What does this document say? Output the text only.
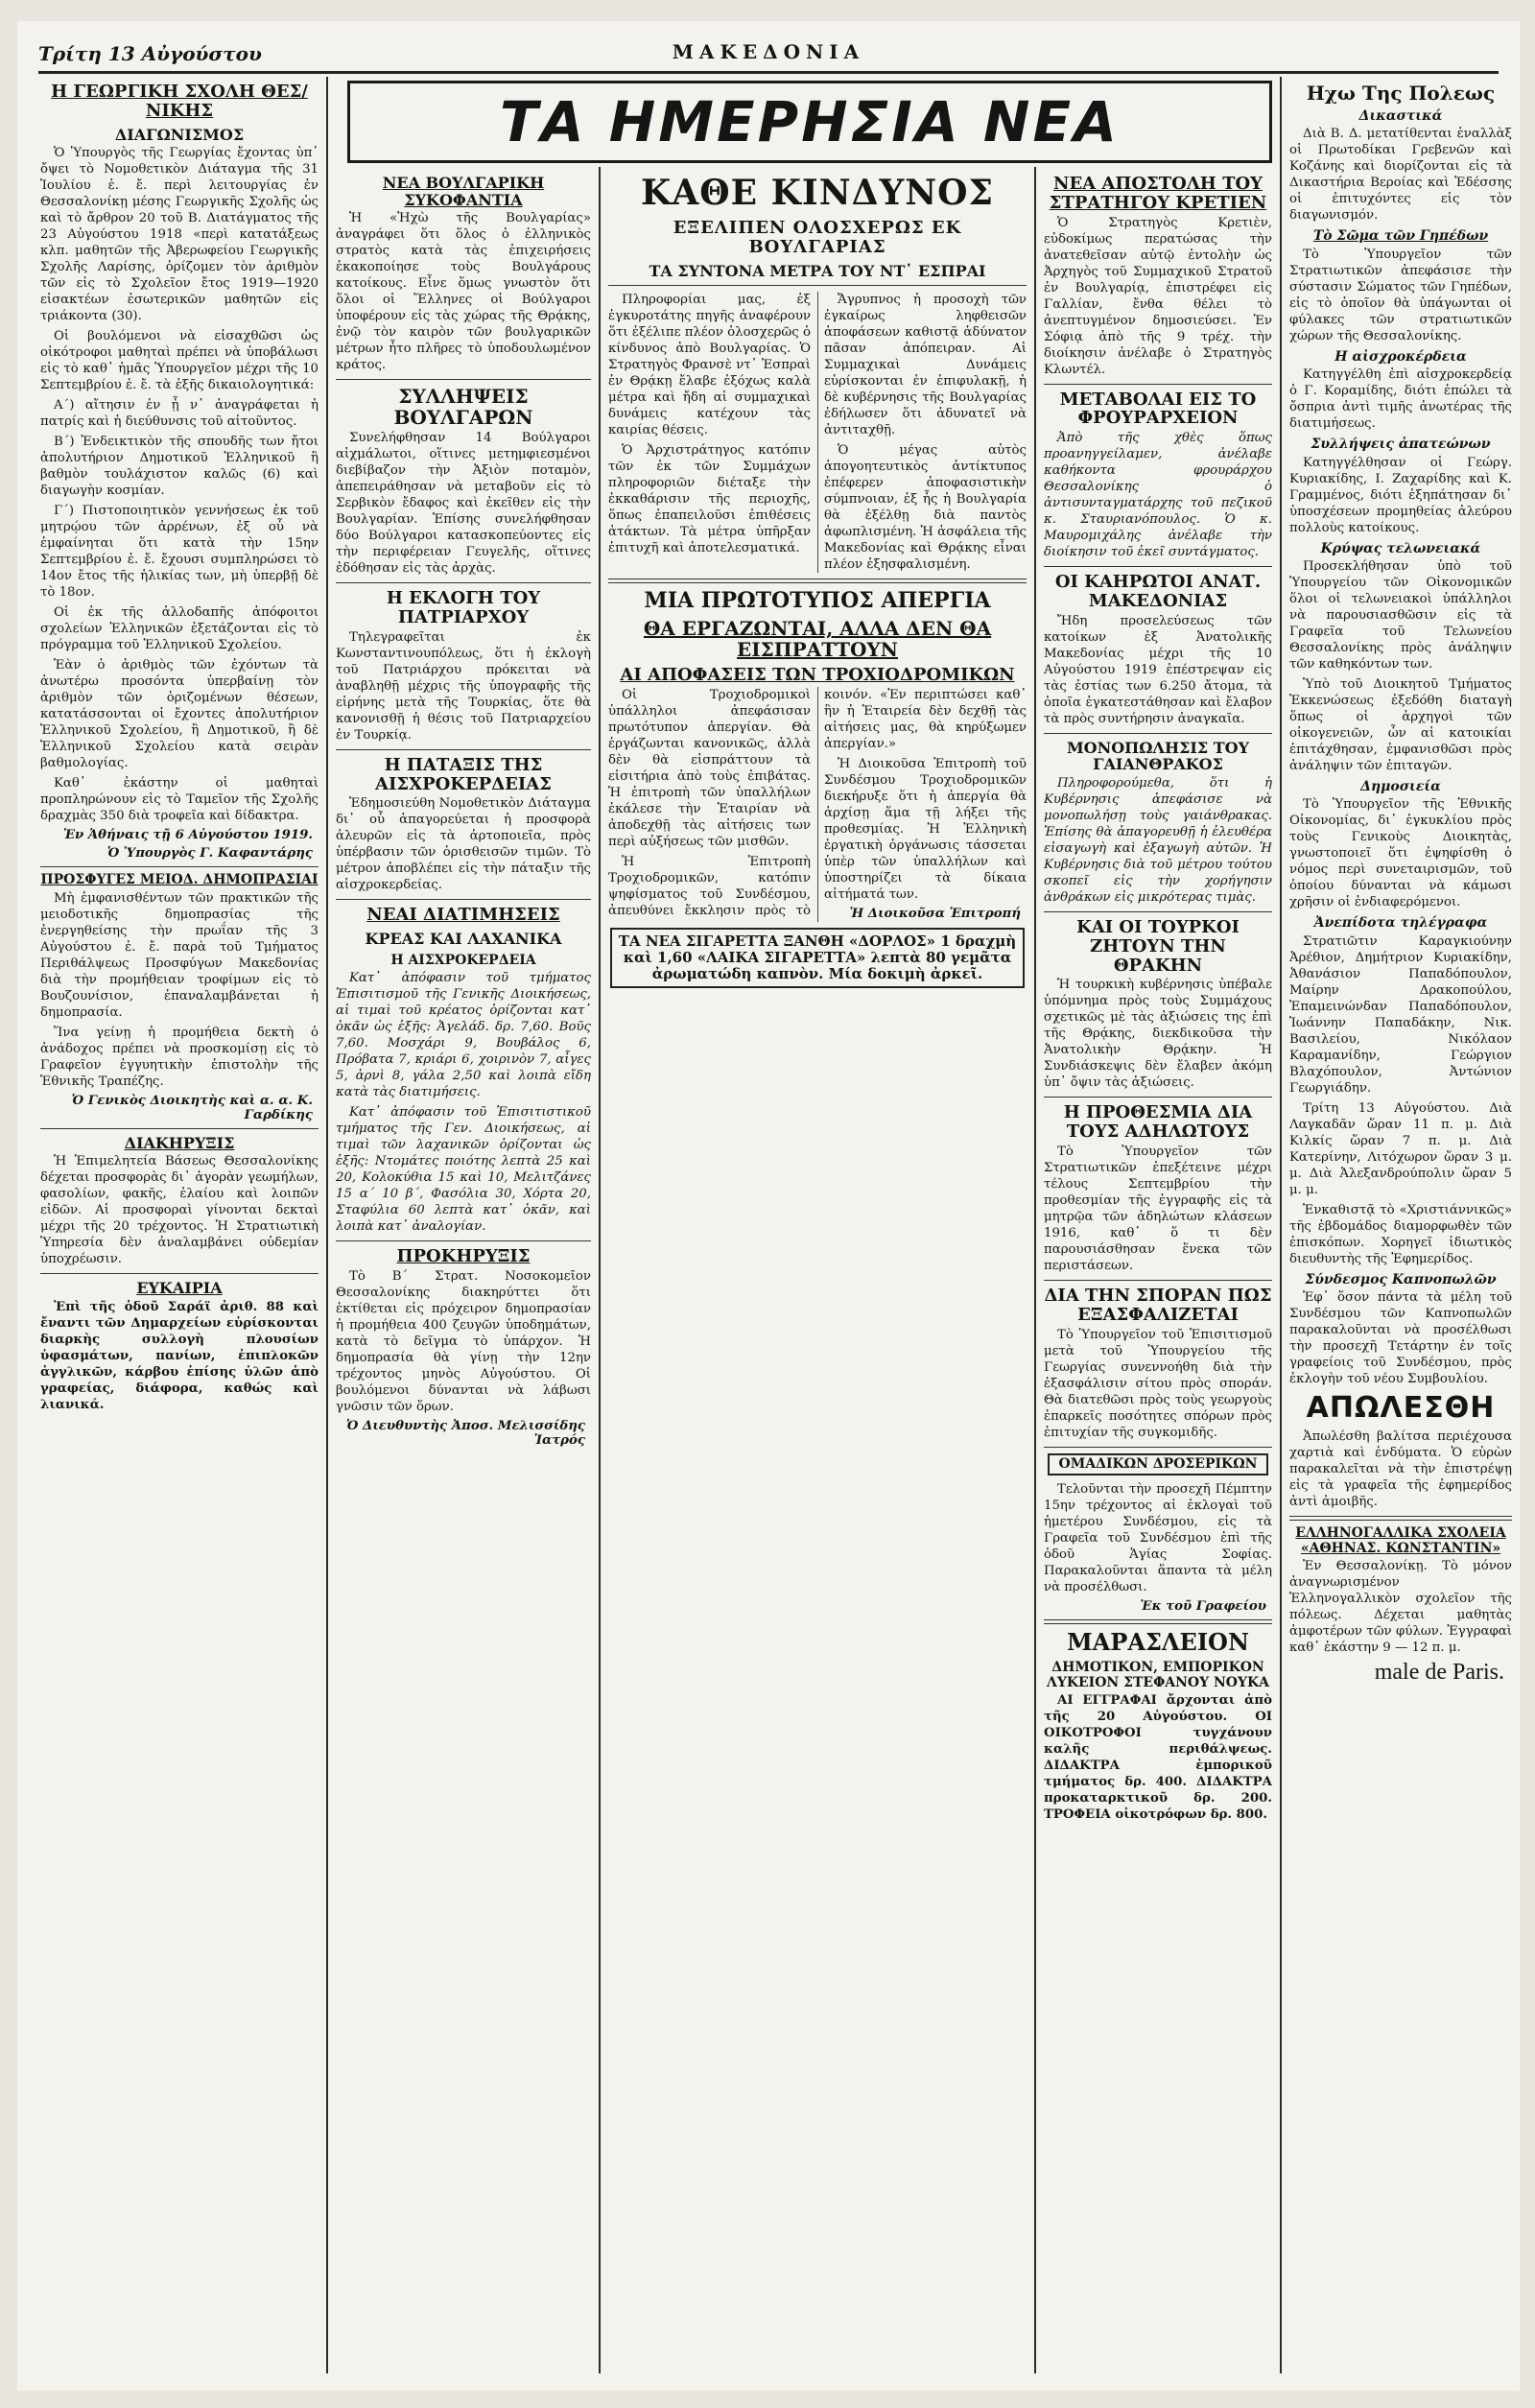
Τρίτη 13 Αὐγούστου	ΜΑΚΕΔΟΝΙΑ
ΤΑ ΗΜΕΡΗΣΙΑ ΝΕΑ
Η ΓΕΩΡΓΙΚΗ ΣΧΟΛΗ ΘΕΣ/ΝΙΚΗΣ
ΔΙΑΓΩΝΙΣΜΟΣ

Ὁ Ὑπουργὸς τῆς Γεωργίας ἔχοντας ὑπ᾽ ὄψει τὸ Νομοθετικὸν Διάταγμα τῆς 31 Ἰουλίου ἐ. ἔ. περὶ λειτουργίας ἐν Θεσσαλονίκῃ μέσης Γεωργικῆς Σχολῆς ὡς καὶ τὸ ἄρθρον 20 τοῦ Β. Διατάγματος τῆς 23 Αὐγούστου 1918 «περὶ κατατάξεως κλπ. μαθητῶν τῆς Ἀβερωφείου Γεωργικῆς Σχολῆς Λαρίσης, ὁρίζομεν τὸν ἀριθμὸν τῶν εἰς τὸ Σχολεῖον ἔτος 1919—1920 εἰσακτέων ἐσωτερικῶν μαθητῶν εἰς τριάκοντα (30).

Οἱ βουλόμενοι νὰ εἰσαχθῶσι ὡς οἰκότροφοι μαθηταὶ πρέπει νὰ ὑποβάλωσι εἰς τὸ καθ᾽ ἡμᾶς Ὑπουργεῖον μέχρι τῆς 10 Σεπτεμβρίου ἐ. ἔ. τὰ ἑξῆς δικαιολογητικά:

Α΄) αἴτησιν ἐν ᾗ ν᾽ ἀναγράφεται ἡ πατρίς καὶ ἡ διεύθυνσις τοῦ αἰτοῦντος.

Β΄) Ἐνδεικτικὸν τῆς σπουδῆς των ἤτοι ἀπολυτήριον Δημοτικοῦ Ἑλληνικοῦ ἢ βαθμὸν τουλάχιστον καλῶς (6) καὶ διαγωγὴν κοσμίαν.

Γ΄) Πιστοποιητικὸν γεννήσεως ἐκ τοῦ μητρῴου τῶν ἀρρένων, ἐξ οὗ νὰ ἐμφαίνηται ὅτι κατὰ τὴν 15ην Σεπτεμβρίου ἐ. ἔ. ἔχουσι συμπληρώσει τὸ 14ον ἔτος τῆς ἡλικίας των, μὴ ὑπερβῇ δὲ τὸ 18ον.

Οἱ ἐκ τῆς ἀλλοδαπῆς ἀπόφοιτοι σχολείων Ἑλληνικῶν ἐξετάζονται εἰς τὸ πρόγραμμα τοῦ Ἑλληνικοῦ Σχολείου.

Ἐὰν ὁ ἀριθμὸς τῶν ἐχόντων τὰ ἀνωτέρω προσόντα ὑπερβαίνῃ τὸν ἀριθμὸν τῶν ὁριζομένων θέσεων, κατατάσσονται οἱ ἔχοντες ἀπολυτήριον Ἑλληνικοῦ Σχολείου, ἢ Δημοτικοῦ, ἢ δὲ Ἑλληνικοῦ Σχολείου κατὰ σειρὰν βαθμολογίας.

Καθ᾽ ἑκάστην οἱ μαθηταὶ προπληρώνουν εἰς τὸ Ταμεῖον τῆς Σχολῆς δραχμὰς 350 διὰ τροφεῖα καὶ δίδακτρα.

Ἐν Ἀθήναις τῇ 6 Αὐγούστου 1919.
Ὁ Ὑπουργὸς Γ. Καφαντάρης
ΠΡΟΣΦΥΓΕΣ ΜΕΙΟΔ. ΔΗΜΟΠΡΑΣΙΑΙ

Μὴ ἐμφανισθέντων τῶν πρακτικῶν τῆς μειοδοτικῆς δημοπρασίας τῆς ἐνεργηθείσης τὴν πρωΐαν τῆς 3 Αὐγούστου ἐ. ἔ. παρὰ τοῦ Τμήματος Περιθάλψεως Προσφύγων Μακεδονίας διὰ τὴν προμήθειαν τροφίμων εἰς τὸ Βουζουνίσιον, ἐπαναλαμβάνεται ἡ δημοπρασία.

Ἵνα γείνῃ ἡ προμήθεια δεκτὴ ὁ ἀνάδοχος πρέπει νὰ προσκομίσῃ εἰς τὸ Γραφεῖον ἐγγυητικὴν ἐπιστολὴν τῆς Ἐθνικῆς Τραπέζης.

Ὁ Γενικὸς Διοικητὴς καὶ α. α. Κ. Γαρδίκης
ΔΙΑΚΗΡΥΞΙΣ

Ἡ Ἐπιμελητεία Βάσεως Θεσσαλονίκης δέχεται προσφορὰς δι᾽ ἀγορὰν γεωμήλων, φασολίων, φακῆς, ἐλαίου καὶ λοιπῶν εἰδῶν. Αἱ προσφοραὶ γίνονται δεκταὶ μέχρι τῆς 20 τρέχοντος. Ἡ Στρατιωτικὴ Ὑπηρεσία δὲν ἀναλαμβάνει οὐδεμίαν ὑποχρέωσιν.

ΕΥΚΑΙΡΙΑ

Ἐπὶ τῆς ὁδοῦ Σαράϊ ἀριθ. 88 καὶ ἔναντι τῶν Δημαρχείων εὑρίσκονται διαρκὴς συλλογὴ πλουσίων ὑφασμάτων, πανίων, ἐπιπλοκῶν ἀγγλικῶν, κάρβου ἐπίσης ὑλῶν ἀπὸ γραφείας, διάφορα, καθώς καὶ λιανικά.

ΝΕΑ ΒΟΥΛΓΑΡΙΚΗ ΣΥΚΟΦΑΝΤΙΑ

Ἡ «Ἠχὼ τῆς Βουλγαρίας» ἀναγράφει ὅτι ὅλος ὁ ἐλληνικὸς στρατὸς κατὰ τὰς ἐπιχειρήσεις ἐκακοποίησε τοὺς Βουλγάρους κατοίκους. Εἶνε ὅμως γνωστὸν ὅτι ὅλοι οἱ Ἕλληνες οἱ Βούλγαροι ὑποφέρουν εἰς τὰς χώρας τῆς Θρᾴκης, ἐνῷ τὸν καιρὸν τῶν βουλγαρικῶν μέτρων ἦτο πλῆρες τὸ ὑποδουλωμένον κράτος.

ΣΥΛΛΗΨΕΙΣ ΒΟΥΛΓΑΡΩΝ

Συνελήφθησαν 14 Βούλγαροι αἰχμάλωτοι, οἵτινες μετημφιεσμένοι διεβίβαζον τὴν Ἀξιὸν ποταμὸν, ἀπεπειράθησαν νὰ μεταβοῦν εἰς τὸ Σερβικὸν ἔδαφος καὶ ἐκεῖθεν εἰς τὴν Βουλγαρίαν. Ἐπίσης συνελήφθησαν δύο Βούλγαροι κατασκοπεύοντες εἰς τὴν περιφέρειαν Γευγελῆς, οἵτινες ἐδόθησαν εἰς τὰς ἀρχὰς.

Η ΕΚΛΟΓΗ ΤΟΥ ΠΑΤΡΙΑΡΧΟΥ

Τηλεγραφεῖται ἐκ Κωνσταντινουπόλεως, ὅτι ἡ ἐκλογὴ τοῦ Πατριάρχου πρόκειται νὰ ἀναβληθῇ μέχρις τῆς ὑπογραφῆς τῆς εἰρήνης μετὰ τῆς Τουρκίας, ὅτε θὰ κανονισθῇ ἡ θέσις τοῦ Πατριαρχείου ἐν Τουρκίᾳ.

Η ΠΑΤΑΞΙΣ ΤΗΣ ΑΙΣΧΡΟΚΕΡΔΕΙΑΣ

Ἐδημοσιεύθη Νομοθετικὸν Διάταγμα δι᾽ οὗ ἀπαγορεύεται ἡ προσφορὰ ἀλευρῶν εἰς τὰ ἀρτοποιεῖα, πρὸς ὑπέρβασιν τῶν ὁρισθεισῶν τιμῶν. Τὸ μέτρον ἀποβλέπει εἰς τὴν πάταξιν τῆς αἰσχροκερδείας.

ΝΕΑΙ ΔΙΑΤΙΜΗΣΕΙΣ
ΚΡΕΑΣ ΚΑΙ ΛΑΧΑΝΙΚΑ
Η ΑΙΣΧΡΟΚΕΡΔΕΙΑ

Κατ᾽ ἀπόφασιν τοῦ τμήματος Ἐπισιτισμοῦ τῆς Γενικῆς Διοικήσεως, αἱ τιμαὶ τοῦ κρέατος ὁρίζονται κατ᾽ ὀκᾶν ὡς ἑξῆς: Ἀγελάδ. δρ. 7,60. Βοῦς 7,60. Μοσχάρι 9, Βουβάλος 6, Πρόβατα 7, κριάρι 6, χοιρινὸν 7, αἶγες 5, ἀρνὶ 8, γάλα 2,50 καὶ λοιπὰ εἴδη κατὰ τὰς διατιμήσεις.

Κατ᾽ ἀπόφασιν τοῦ Ἐπισιτιστικοῦ τμήματος τῆς Γεν. Διοικήσεως, αἱ τιμαὶ τῶν λαχανικῶν ὁρίζονται ὡς ἑξῆς: Ντομάτες ποιότης λεπτὰ 25 καὶ 20, Κολοκύθια 15 καὶ 10, Μελιτζάνες 15 α΄ 10 β΄, Φασόλια 30, Χόρτα 20, Σταφύλια 60 λεπτὰ κατ᾽ ὀκᾶν, καὶ λοιπὰ κατ᾽ ἀναλογίαν.

ΠΡΟΚΗΡΥΞΙΣ

Τὸ Β΄ Στρατ. Νοσοκομεῖον Θεσσαλονίκης διακηρύττει ὅτι ἐκτίθεται εἰς πρόχειρον δημοπρασίαν ἡ προμήθεια 400 ζευγῶν ὑποδημάτων, κατὰ τὸ δεῖγμα τὸ ὑπάρχον. Ἡ δημοπρασία θὰ γίνῃ τὴν 12ην τρέχοντος μηνὸς Αὐγούστου. Οἱ βουλόμενοι δύνανται νὰ λάβωσι γνῶσιν τῶν ὅρων.

Ὁ Διευθυντὴς Ἀποσ. Μελισσίδης Ἰατρός
ΚΑΘΕ ΚΙΝΔΥΝΟΣ
ΕΞΕΛΙΠΕΝ ΟΛΟΣΧΕΡΩΣ ΕΚ ΒΟΥΛΓΑΡΙΑΣ
ΤΑ ΣΥΝΤΟΝΑ ΜΕΤΡΑ ΤΟΥ ΝΤ᾽ ΕΣΠΡΑΙ

Πληροφορίαι μας, ἐξ ἐγκυροτάτης πηγῆς ἀναφέρουν ὅτι ἐξέλιπε πλέον ὁλοσχερῶς ὁ κίνδυνος ἀπὸ Βουλγαρίας. Ὁ Στρατηγὸς Φρανσὲ ντ᾽ Ἐσπραὶ ἐν Θρᾴκῃ ἔλαβε ἐξόχως καλὰ μέτρα καὶ ἤδη αἱ συμμαχικαὶ δυνάμεις κατέχουν τὰς καιρίας θέσεις.

Ὁ Ἀρχιστράτηγος κατόπιν τῶν ἐκ τῶν Συμμάχων πληροφοριῶν διέταξε τὴν ἐκκαθάρισιν τῆς περιοχῆς, ὅπως ἐπαπειλοῦσι ἐπιθέσεις ἀτάκτων. Τὰ μέτρα ὑπῆρξαν ἐπιτυχῆ καὶ ἀποτελεσματικά.

Ἄγρυπνος ἡ προσοχὴ τῶν ἐγκαίρως ληφθεισῶν ἀποφάσεων καθιστᾷ ἀδύνατον πᾶσαν ἀπόπειραν. Αἱ Συμμαχικαὶ Δυνάμεις εὑρίσκονται ἐν ἐπιφυλακῇ, ἡ δὲ κυβέρνησις τῆς Βουλγαρίας ἐδήλωσεν ὅτι ἀδυνατεῖ νὰ ἀντιταχθῇ.

Ὁ μέγας αὐτὸς ἀπογοητευτικὸς ἀντίκτυπος ἐπέφερεν ἀποφασιστικὴν σύμπνοιαν, ἐξ ἧς ἡ Βουλγαρία θὰ ἐξέλθῃ διὰ παντὸς ἀφωπλισμένη. Ἡ ἀσφάλεια τῆς Μακεδονίας καὶ Θρᾴκης εἶναι πλέον ἐξησφαλισμένη.

ΜΙΑ ΠΡΩΤΟΤΥΠΟΣ ΑΠΕΡΓΙΑ
ΘΑ ΕΡΓΑΖΩΝΤΑΙ, ΑΛΛΑ ΔΕΝ ΘΑ ΕΙΣΠΡΑΤΤΟΥΝ
ΑΙ ΑΠΟΦΑΣΕΙΣ ΤΩΝ ΤΡΟΧΙΟΔΡΟΜΙΚΩΝ

Οἱ Τροχιοδρομικοὶ ὑπάλληλοι ἀπεφάσισαν πρωτότυπον ἀπεργίαν. Θὰ ἐργάζωνται κανονικῶς, ἀλλὰ δὲν θὰ εἰσπράττουν τὰ εἰσιτήρια ἀπὸ τοὺς ἐπιβάτας. Ἡ ἐπιτροπὴ τῶν ὑπαλλήλων ἐκάλεσε τὴν Ἑταιρίαν νὰ ἀποδεχθῇ τὰς αἰτήσεις των περὶ αὐξήσεως τῶν μισθῶν.

Ἡ Ἐπιτροπὴ Τροχιοδρομικῶν, κατόπιν ψηφίσματος τοῦ Συνδέσμου, ἀπευθύνει ἔκκλησιν πρὸς τὸ κοινόν. «Ἐν περιπτώσει καθ᾽ ἣν ἡ Ἑταιρεία δὲν δεχθῇ τὰς αἰτήσεις μας, θὰ κηρύξωμεν ἀπεργίαν.»

Ἡ Διοικοῦσα Ἐπιτροπὴ τοῦ Συνδέσμου Τροχιοδρομικῶν διεκήρυξε ὅτι ἡ ἀπεργία θὰ ἀρχίσῃ ἅμα τῇ λήξει τῆς προθεσμίας. Ἡ Ἑλληνικὴ ἐργατικὴ ὀργάνωσις τάσσεται ὑπὲρ τῶν ὑπαλλήλων καὶ ὑποστηρίζει τὰ δίκαια αἰτήματά των.

Ἡ Διοικοῦσα Ἐπιτροπή
ΤΑ ΝΕΑ ΣΙΓΑΡΕΤΤΑ ΞΑΝΘΗ «ΔΟΡΛΟΣ» 1 δραχμὴ καὶ 1,60 «ΛΑΙΚΑ ΣΙΓΑΡΕΤΤΑ» λεπτὰ 80 γεμᾶτα ἀρωματώδη καπνὸν. Μία δοκιμὴ ἀρκεῖ.
ΝΕΑ ΑΠΟΣΤΟΛΗ ΤΟΥ ΣΤΡΑΤΗΓΟΥ ΚΡΕΤΙΕΝ

Ὁ Στρατηγὸς Κρετιὲν, εὐδοκίμως περατώσας τὴν ἀνατεθεῖσαν αὐτῷ ἐντολὴν ὡς Ἀρχηγὸς τοῦ Συμμαχικοῦ Στρατοῦ ἐν Βουλγαρίᾳ, ἐπιστρέφει εἰς Γαλλίαν, ἔνθα θέλει τὸ ἀνεπτυγμένον δημοσιεύσει. Ἐν Σόφιᾳ ἀπὸ τῆς 9 τρέχ. τὴν διοίκησιν ἀνέλαβε ὁ Στρατηγὸς Κλωντέλ.

ΜΕΤΑΒΟΛΑΙ ΕΙΣ ΤΟ ΦΡΟΥΡΑΡΧΕΙΟΝ

Ἀπὸ τῆς χθὲς ὅπως προανηγγείλαμεν, ἀνέλαβε καθήκοντα φρουράρχου Θεσσαλονίκης ὁ ἀντισυνταγματάρχης τοῦ πεζικοῦ κ. Σταυριανόπουλος. Ὁ κ. Μαυρομιχάλης ἀνέλαβε τὴν διοίκησιν τοῦ ἐκεῖ συντάγματος.

ΟΙ ΚΑΗΡΩΤΟΙ ΑΝΑΤ. ΜΑΚΕΔΟΝΙΑΣ

Ἤδη προσελεύσεως τῶν κατοίκων ἐξ Ἀνατολικῆς Μακεδονίας μέχρι τῆς 10 Αὐγούστου 1919 ἐπέστρεψαν εἰς τὰς ἐστίας των 6.250 ἄτομα, τὰ ὁποῖα ἐγκατεστάθησαν καὶ ἔλαβον τὰ πρὸς συντήρησιν ἀναγκαῖα.

ΜΟΝΟΠΩΛΗΣΙΣ ΤΟΥ ΓΑΙΑΝΘΡΑΚΟΣ

Πληροφορούμεθα, ὅτι ἡ Κυβέρνησις ἀπεφάσισε νὰ μονοπωλήσῃ τοὺς γαιάνθρακας. Ἐπίσης θὰ ἀπαγορευθῇ ἡ ἐλευθέρα εἰσαγωγὴ καὶ ἐξαγωγὴ αὐτῶν. Ἡ Κυβέρνησις διὰ τοῦ μέτρου τούτου σκοπεῖ εἰς τὴν χορήγησιν ἀνθράκων εἰς μικρότερας τιμὰς.

ΚΑΙ ΟΙ ΤΟΥΡΚΟΙ ΖΗΤΟΥΝ ΤΗΝ ΘΡΑΚΗΝ

Ἡ τουρκικὴ κυβέρνησις ὑπέβαλε ὑπόμνημα πρὸς τοὺς Συμμάχους σχετικῶς μὲ τὰς ἀξιώσεις της ἐπὶ τῆς Θρᾴκης, διεκδικοῦσα τὴν Ἀνατολικὴν Θρᾴκην. Ἡ Συνδιάσκεψις δὲν ἔλαβεν ἀκόμη ὑπ᾽ ὄψιν τὰς ἀξιώσεις.

Η ΠΡΟΘΕΣΜΙΑ ΔΙΑ ΤΟΥΣ ΑΔΗΛΩΤΟΥΣ

Τὸ Ὑπουργεῖον τῶν Στρατιωτικῶν ἐπεξέτεινε μέχρι τέλους Σεπτεμβρίου τὴν προθεσμίαν τῆς ἐγγραφῆς εἰς τὰ μητρῷα τῶν ἀδηλώτων κλάσεων 1916, καθ᾽ ὅ τι δὲν παρουσιάσθησαν ἕνεκα τῶν περιστάσεων.

ΔΙΑ ΤΗΝ ΣΠΟΡΑΝ ΠΩΣ ΕΞΑΣΦΑΛΙΖΕΤΑΙ

Τὸ Ὑπουργεῖον τοῦ Ἐπισιτισμοῦ μετὰ τοῦ Ὑπουργείου τῆς Γεωργίας συνεννοήθη διὰ τὴν ἐξασφάλισιν σίτου πρὸς σποράν. Θὰ διατεθῶσι πρὸς τοὺς γεωργοὺς ἐπαρκεῖς ποσότητες σπόρων πρὸς ἐπιτυχίαν τῆς συγκομιδῆς.

ΟΜΑΔΙΚΩΝ ΔΡΟΣΕΡΙΚΩΝ

Τελοῦνται τὴν προσεχῆ Πέμπτην 15ην τρέχοντος αἱ ἐκλογαὶ τοῦ ἡμετέρου Συνδέσμου, εἰς τὰ Γραφεῖα τοῦ Συνδέσμου ἐπὶ τῆς ὁδοῦ Ἁγίας Σοφίας. Παρακαλοῦνται ἅπαντα τὰ μέλη νὰ προσέλθωσι.

Ἐκ τοῦ Γραφείου
ΜΑΡΑΣΛΕΙΟΝ
ΔΗΜΟΤΙΚΟΝ, ΕΜΠΟΡΙΚΟΝ ΛΥΚΕΙΟΝ ΣΤΕΦΑΝΟΥ ΝΟΥΚΑ

ΑΙ ΕΓΓΡΑΦΑΙ ἄρχονται ἀπὸ τῆς 20 Αὐγούστου. ΟΙ ΟΙΚΟΤΡΟΦΟΙ τυγχάνουν καλῆς περιθάλψεως. ΔΙΔΑΚΤΡΑ ἐμπορικοῦ τμήματος δρ. 400. ΔΙΔΑΚΤΡΑ προκαταρκτικοῦ δρ. 200. ΤΡΟΦΕΙΑ οἰκοτρόφων δρ. 800.

Ηχω Της Πολεως
Δικαστικά

Διὰ Β. Δ. μετατίθενται ἐναλλὰξ οἱ Πρωτοδίκαι Γρεβενῶν καὶ Κοζάνης καὶ διορίζονται εἰς τὰ Δικαστήρια Βεροίας καὶ Ἐδέσσης οἱ ἐπιτυχόντες εἰς τὸν διαγωνισμόν.

Τὸ Σῶμα τῶν Γηπέδων

Τὸ Ὑπουργεῖον τῶν Στρατιωτικῶν ἀπεφάσισε τὴν σύστασιν Σώματος τῶν Γηπέδων, εἰς τὸ ὁποῖον θὰ ὑπάγωνται οἱ φύλακες τῶν στρατιωτικῶν χώρων τῆς Θεσσαλονίκης.

Η αἰσχροκέρδεια

Κατηγγέλθη ἐπὶ αἰσχροκερδείᾳ ὁ Γ. Κοραμίδης, διότι ἐπώλει τὰ ὄσπρια ἀντὶ τιμῆς ἀνωτέρας τῆς διατιμήσεως.

Συλλήψεις ἀπατεώνων

Κατηγγέλθησαν οἱ Γεώργ. Κυριακίδης, Ι. Ζαχαρίδης καὶ Κ. Γραμμένος, διότι ἐξηπάτησαν δι᾽ ὑποσχέσεων προμηθείας ἀλεύρου πολλοὺς κατοίκους.

Κρύψας τελωνειακά

Προσεκλήθησαν ὑπὸ τοῦ Ὑπουργείου τῶν Οἰκονομικῶν ὅλοι οἱ τελωνειακοὶ ὑπάλληλοι νὰ παρουσιασθῶσιν εἰς τὰ Γραφεῖα τοῦ Τελωνείου Θεσσαλονίκης πρὸς ἀνάληψιν τῶν καθηκόντων των.

Ὑπὸ τοῦ Διοικητοῦ Τμήματος Ἐκκενώσεως ἐξεδόθη διαταγὴ ὅπως οἱ ἀρχηγοὶ τῶν οἰκογενειῶν, ὧν αἱ κατοικίαι ἐπιτάχθησαν, ἐμφανισθῶσι πρὸς ἀνάληψιν τῶν ἐπιταγῶν.

Δημοσιεία

Τὸ Ὑπουργεῖον τῆς Ἐθνικῆς Οἰκονομίας, δι᾽ ἐγκυκλίου πρὸς τοὺς Γενικοὺς Διοικητὰς, γνωστοποιεῖ ὅτι ἐψηφίσθη ὁ νόμος περὶ συνεταιρισμῶν, τοῦ ὁποίου δύνανται νὰ κάμωσι χρῆσιν οἱ ἐνδιαφερόμενοι.

Ἀνεπίδοτα τηλέγραφα

Στρατιῶτιν Καραγκιούνην Ἀρέθιον, Δημήτριον Κυριακίδην, Ἀθανάσιον Παπαδόπουλον, Μαίρην Δρακοπούλου, Ἐπαμεινώνδαν Παπαδόπουλον, Ἰωάννην Παπαδάκην, Νικ. Βασιλείου, Νικόλαον Καραμανίδην, Γεώργιον Βλαχόπουλον, Ἀντώνιον Γεωργιάδην.

Τρίτη 13 Αὐγούστου. Διὰ Λαγκαδᾶν ὥραν 11 π. μ. Διὰ Κιλκίς ὥραν 7 π. μ. Διὰ Κατερίνην, Λιτόχωρον ὥραν 3 μ. μ. Διὰ Ἀλεξανδρούπολιν ὥραν 5 μ. μ.

Ἐνκαθιστᾷ τὸ «Χριστιάννικῶς» τῆς ἐβδομάδος διαμορφωθὲν τῶν ἐπισκόπων. Χορηγεῖ ἰδιωτικὸς διευθυντὴς τῆς Ἐφημερίδος.

Σύνδεσμος Καπνοπωλῶν

Ἐφ᾽ ὅσον πάντα τὰ μέλη τοῦ Συνδέσμου τῶν Καπνοπωλῶν παρακαλοῦνται νὰ προσέλθωσι τὴν προσεχῆ Τετάρτην ἐν τοῖς γραφείοις τοῦ Συνδέσμου, πρὸς ἐκλογὴν τοῦ νέου Συμβουλίου.

ΑΠΩΛΕΣΘΗ

Ἀπωλέσθη βαλίτσα περιέχουσα χαρτιὰ καὶ ἐνδύματα. Ὁ εὑρὼν παρακαλεῖται νὰ τὴν ἐπιστρέψῃ εἰς τὰ γραφεῖα τῆς ἐφημερίδος ἀντὶ ἀμοιβῆς.

ΕΛΛΗΝΟΓΑΛΛΙΚΑ ΣΧΟΛΕΙΑ «ΑΘΗΝΑΣ. ΚΩΝΣΤΑΝΤΙΝ»

Ἐν Θεσσαλονίκῃ. Τὸ μόνον ἀναγνωρισμένον Ἑλληνογαλλικὸν σχολεῖον τῆς πόλεως. Δέχεται μαθητὰς ἀμφοτέρων τῶν φύλων. Ἐγγραφαὶ καθ᾽ ἑκάστην 9 — 12 π. μ.

male de Paris.
